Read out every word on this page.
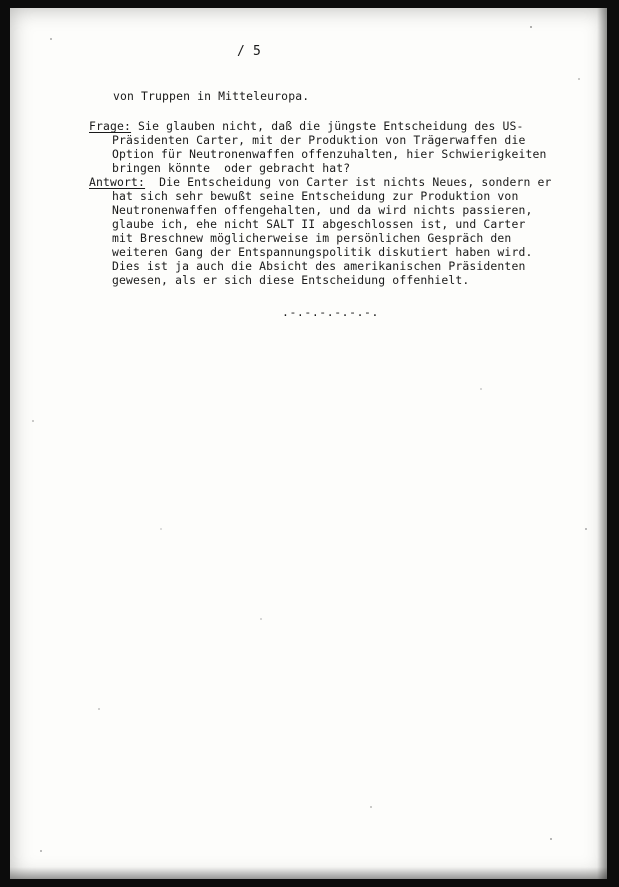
/ 5
von Truppen in Mitteleuropa.
Frage: Sie glauben nicht, daß die jüngste Entscheidung des US-
Präsidenten Carter, mit der Produktion von Trägerwaffen die
Option für Neutronenwaffen offenzuhalten, hier Schwierigkeiten
bringen könnte  oder gebracht hat?
Antwort:  Die Entscheidung von Carter ist nichts Neues, sondern er
hat sich sehr bewußt seine Entscheidung zur Produktion von
Neutronenwaffen offengehalten, und da wird nichts passieren,
glaube ich, ehe nicht SALT II abgeschlossen ist, und Carter
mit Breschnew möglicherweise im persönlichen Gespräch den
weiteren Gang der Entspannungspolitik diskutiert haben wird.
Dies ist ja auch die Absicht des amerikanischen Präsidenten
gewesen, als er sich diese Entscheidung offenhielt.
.-.-.-.-.-.-.
